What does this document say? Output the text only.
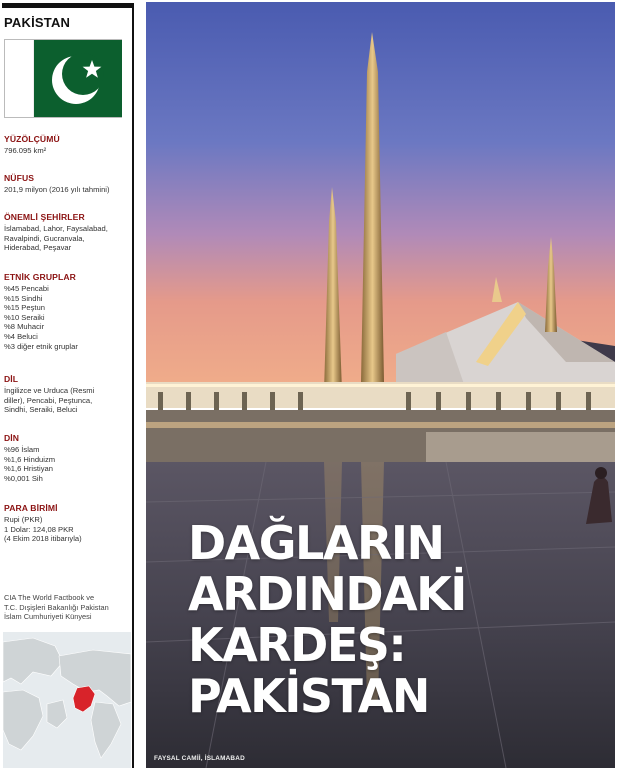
PAKİSTAN
YÜZÖLÇÜMÜ
796.095 km²
NÜFUS
201,9 milyon (2016 yılı tahmini)
ÖNEMLİ ŞEHİRLER
İslamabad, Lahor, Faysalabad,
Ravalpindi, Gucranvala,
Hiderabad, Peşavar
ETNİK GRUPLAR
%45 Pencabi
%15 Sindhi
%15 Peştun
%10 Seraiki
%8 Muhacir
%4 Beluci
%3 diğer etnik gruplar
DİL
İngilizce ve Urduca (Resmi
diller), Pencabi, Peştunca,
Sindhi, Seraiki, Beluci
DİN
%96 İslam
%1,6 Hinduizm
%1,6 Hristiyan
%0,001 Sih
PARA BİRİMİ
Rupi (PKR)
1 Dolar: 124,08 PKR
(4 Ekim 2018 itibarıyla)
CIA The World Factbook ve
T.C. Dışişleri Bakanlığı Pakistan
İslam Cumhuriyeti Künyesi
DAĞLARIN
ARDINDAKİ
KARDEŞ:
PAKİSTAN
FAYSAL CAMİİ, İSLAMABAD
